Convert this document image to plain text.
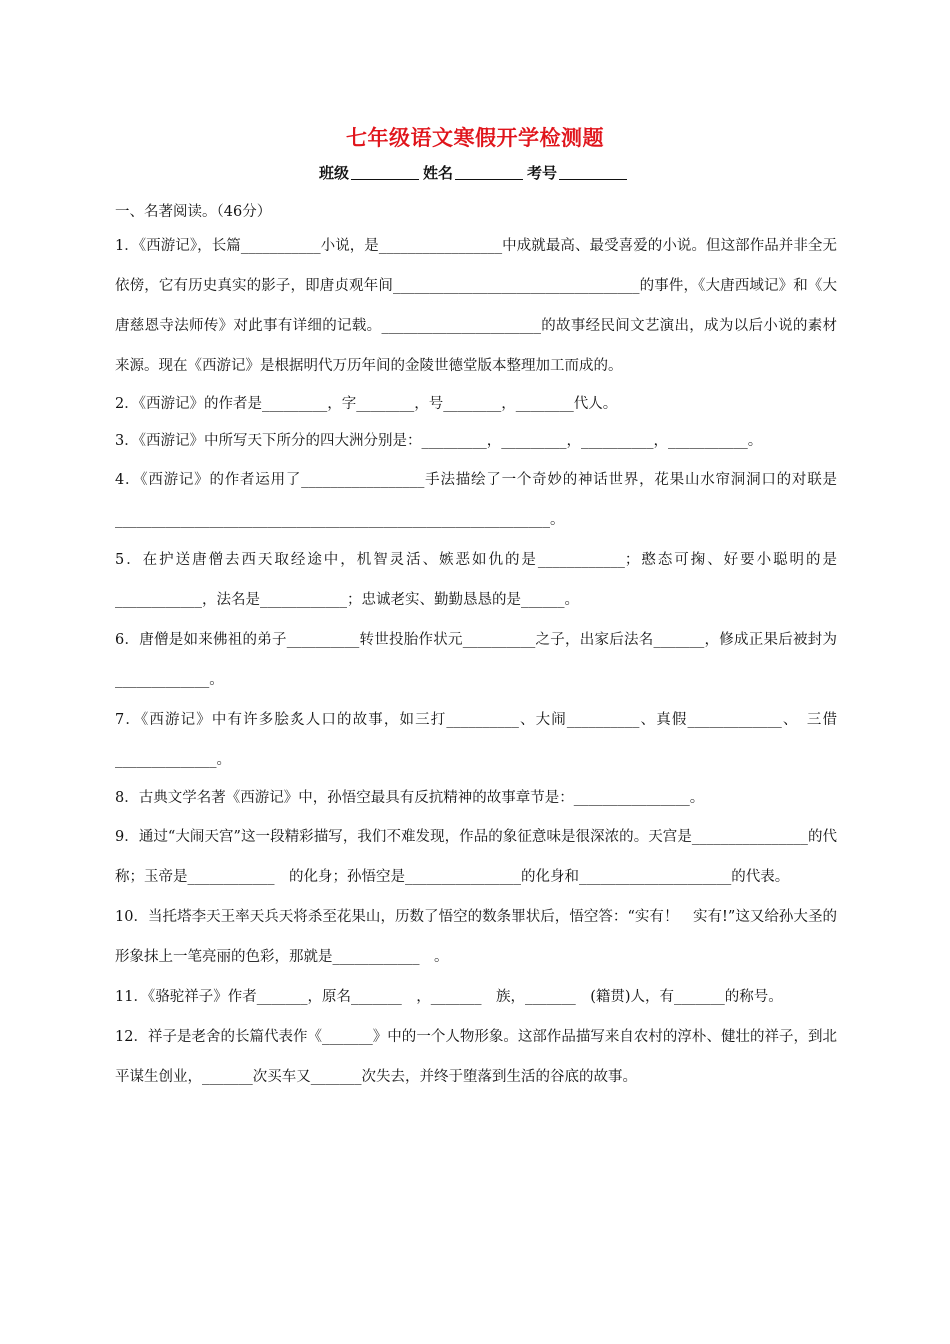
七年级语文寒假开学检测题
班级	姓名	考号
一、名著阅读。（46分）

1．《西游记》，长篇___________小说，是_________________中成就最高、最受喜爱的小说。但这部作品并非全无依傍，它有历史真实的影子，即唐贞观年间__________________________________的事件，《大唐西域记》和《大唐慈恩寺法师传》对此事有详细的记载。______________________的故事经民间文艺演出，成为以后小说的素材来源。现在《西游记》是根据明代万历年间的金陵世德堂版本整理加工而成的。

2．《西游记》的作者是_________，字________，号________，________代人。

3．《西游记》中所写天下所分的四大洲分别是：_________，_________，__________，___________。

4．《西游记》的作者运用了_________________手法描绘了一个奇妙的神话世界，花果山水帘洞洞口的对联是____________________________________________________________。

5．在护送唐僧去西天取经途中，机智灵活、嫉恶如仇的是____________；憨态可掬、好要小聪明的是____________，法名是____________；忠诚老实、勤勤恳恳的是______。

6．唐僧是如来佛祖的弟子__________转世投胎作状元__________之子，出家后法名_______，修成正果后被封为_____________。

7．《西游记》中有许多脍炙人口的故事，如三打__________、大闹__________、真假_____________、　三借______________。

8．古典文学名著《西游记》中，孙悟空最具有反抗精神的故事章节是：________________。

9．通过“大闹天宫”这一段精彩描写，我们不难发现，作品的象征意味是很深浓的。天宫是________________的代称；玉帝是____________　的化身；孙悟空是________________的化身和_____________________的代表。

10．当托塔李天王率天兵天将杀至花果山，历数了悟空的数条罪状后，悟空答：“实有！　实有!”这又给孙大圣的形象抹上一笔亮丽的色彩，那就是____________　。

11．《骆驼祥子》作者_______，原名_______　，_______　族，_______　(籍贯)人，有_______的称号。

12．祥子是老舍的长篇代表作《_______》中的一个人物形象。这部作品描写来自农村的淳朴、健壮的祥子，到北平谋生创业，_______次买车又_______次失去，并终于堕落到生活的谷底的故事。
